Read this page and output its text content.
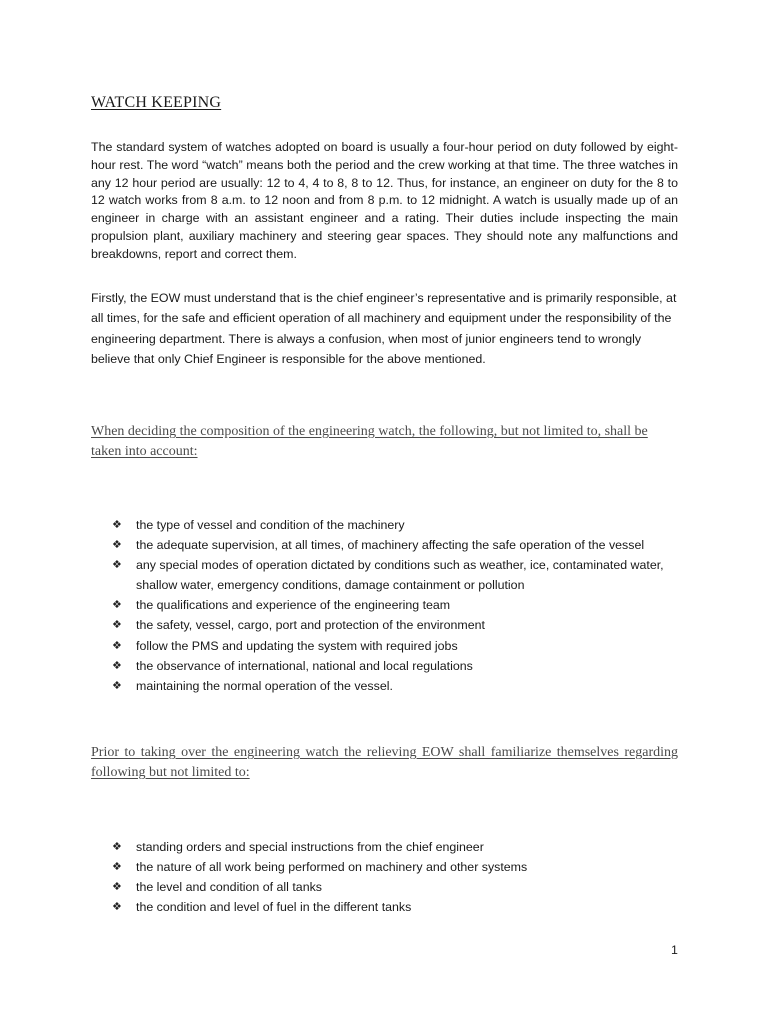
WATCH KEEPING

The standard system of watches adopted on board is usually a four-hour period on duty followed by eight-hour rest. The word “watch” means both the period and the crew working at that time. The three watches in any 12 hour period are usually: 12 to 4, 4 to 8, 8 to 12. Thus, for instance, an engineer on duty for the 8 to 12 watch works from 8 a.m. to 12 noon and from 8 p.m. to 12 midnight. A watch is usually made up of an engineer in charge with an assistant engineer and a rating. Their duties include inspecting the main propulsion plant, auxiliary machinery and steering gear spaces. They should note any malfunctions and breakdowns, report and correct them.

Firstly, the EOW must understand that is the chief engineer’s representative and is primarily responsible, at all times, for the safe and efficient operation of all machinery and equipment under the responsibility of the engineering department. There is always a confusion, when most of junior engineers tend to wrongly believe that only Chief Engineer is responsible for the above mentioned.

When deciding the composition of the engineering watch, the following, but not limited to, shall be taken into account:

❖ the type of vessel and condition of the machinery
❖ the adequate supervision, at all times, of machinery affecting the safe operation of the vessel
❖ any special modes of operation dictated by conditions such as weather, ice, contaminated water, shallow water, emergency conditions, damage containment or pollution
❖ the qualifications and experience of the engineering team
❖ the safety, vessel, cargo, port and protection of the environment
❖ follow the PMS and updating the system with required jobs
❖ the observance of international, national and local regulations
❖ maintaining the normal operation of the vessel.

Prior to taking over the engineering watch the relieving EOW shall familiarize themselves regarding following but not limited to:

❖ standing orders and special instructions from the chief engineer
❖ the nature of all work being performed on machinery and other systems
❖ the level and condition of all tanks
❖ the condition and level of fuel in the different tanks
1
